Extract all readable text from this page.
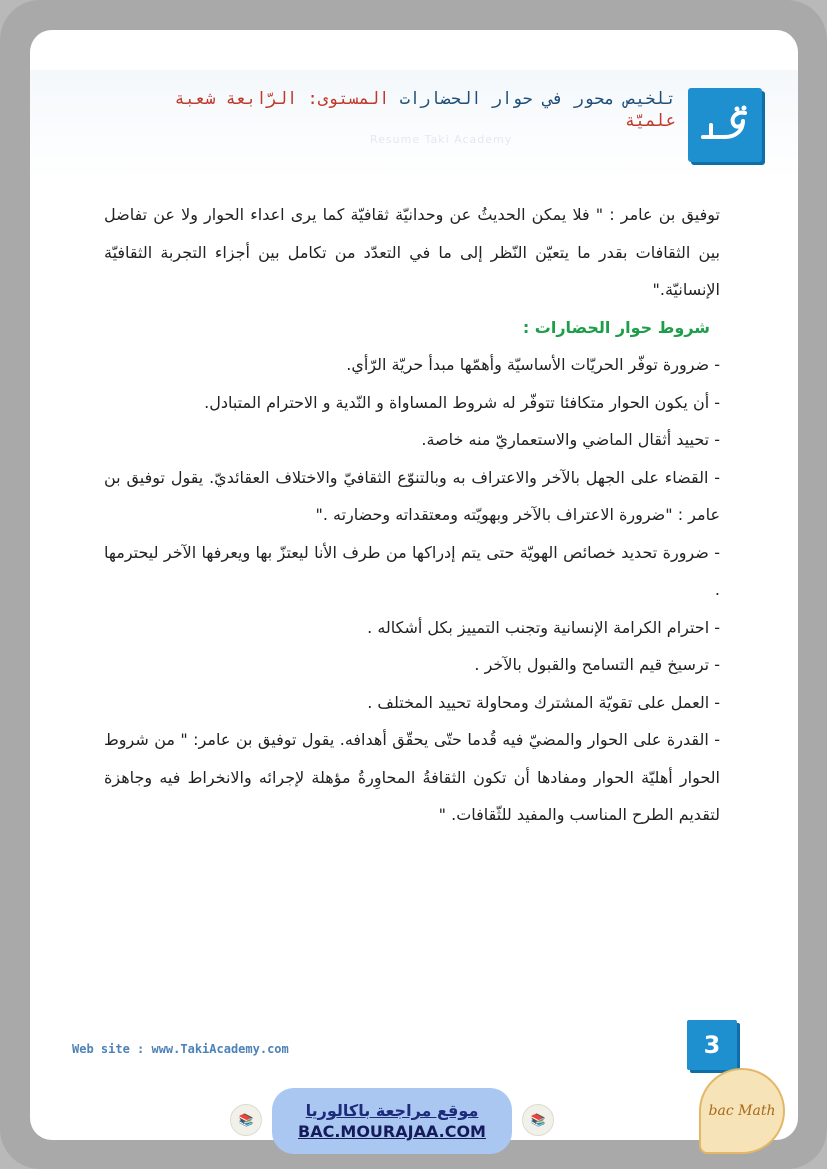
تلخيص محور في حوار الحضارات المستوى: الرّابعة شعبة علميّة
Resume Taki Academy

توفيق بن عامر : " فلا يمكن الحديثُ عن وحدانيّة ثقافيّة كما يرى اعداء الحوار ولا عن تفاضل بين الثقافات بقدر ما يتعيّن النّظر إلى ما في التعدّد من تكامل بين أجزاء التجربة الثقافيّة الإنسانيّة."

شروط حوار الحضارات :

- ضرورة توفّر الحريّات الأساسيّة وأهمّها مبدأ حريّة الرّأي.

- أن يكون الحوار متكافئا تتوفّر له شروط المساواة و النّدية و الاحترام المتبادل.

- تحييد أثقال الماضي والاستعماريّ منه خاصة.

- القضاء على الجهل بالآخر والاعتراف به وبالتنوّع الثقافيّ والاختلاف العقائديّ. يقول توفيق بن عامر : "ضرورة الاعتراف بالآخر وبهويّته ومعتقداته وحضارته ."

- ضرورة تحديد خصائص الهويّة حتى يتم إدراكها من طرف الأنا ليعتزّ بها ويعرفها الآخر ليحترمها .

- احترام الكرامة الإنسانية وتجنب التمييز بكل أشكاله .

- ترسيخ قيم التسامح والقبول بالآخر .

- العمل على تقويّة المشترك ومحاولة تحييد المختلف .

- القدرة على الحوار والمضيّ فيه قُدما حتّى يحقّق أهدافه. يقول توفيق بن عامر: " من شروط الحوار أهليّة الحوار ومفادها أن تكون الثقافةُ المحاوِرةُ مؤهلة لإجرائه والانخراط فيه وجاهزة لتقديم الطرح المناسب والمفيد للثّقافات. "

Web site : www.TakiAcademy.com	3
bac Math
📚	📚
موقع مراجعة باكالوريا
BAC.MOURAJAA.COM
